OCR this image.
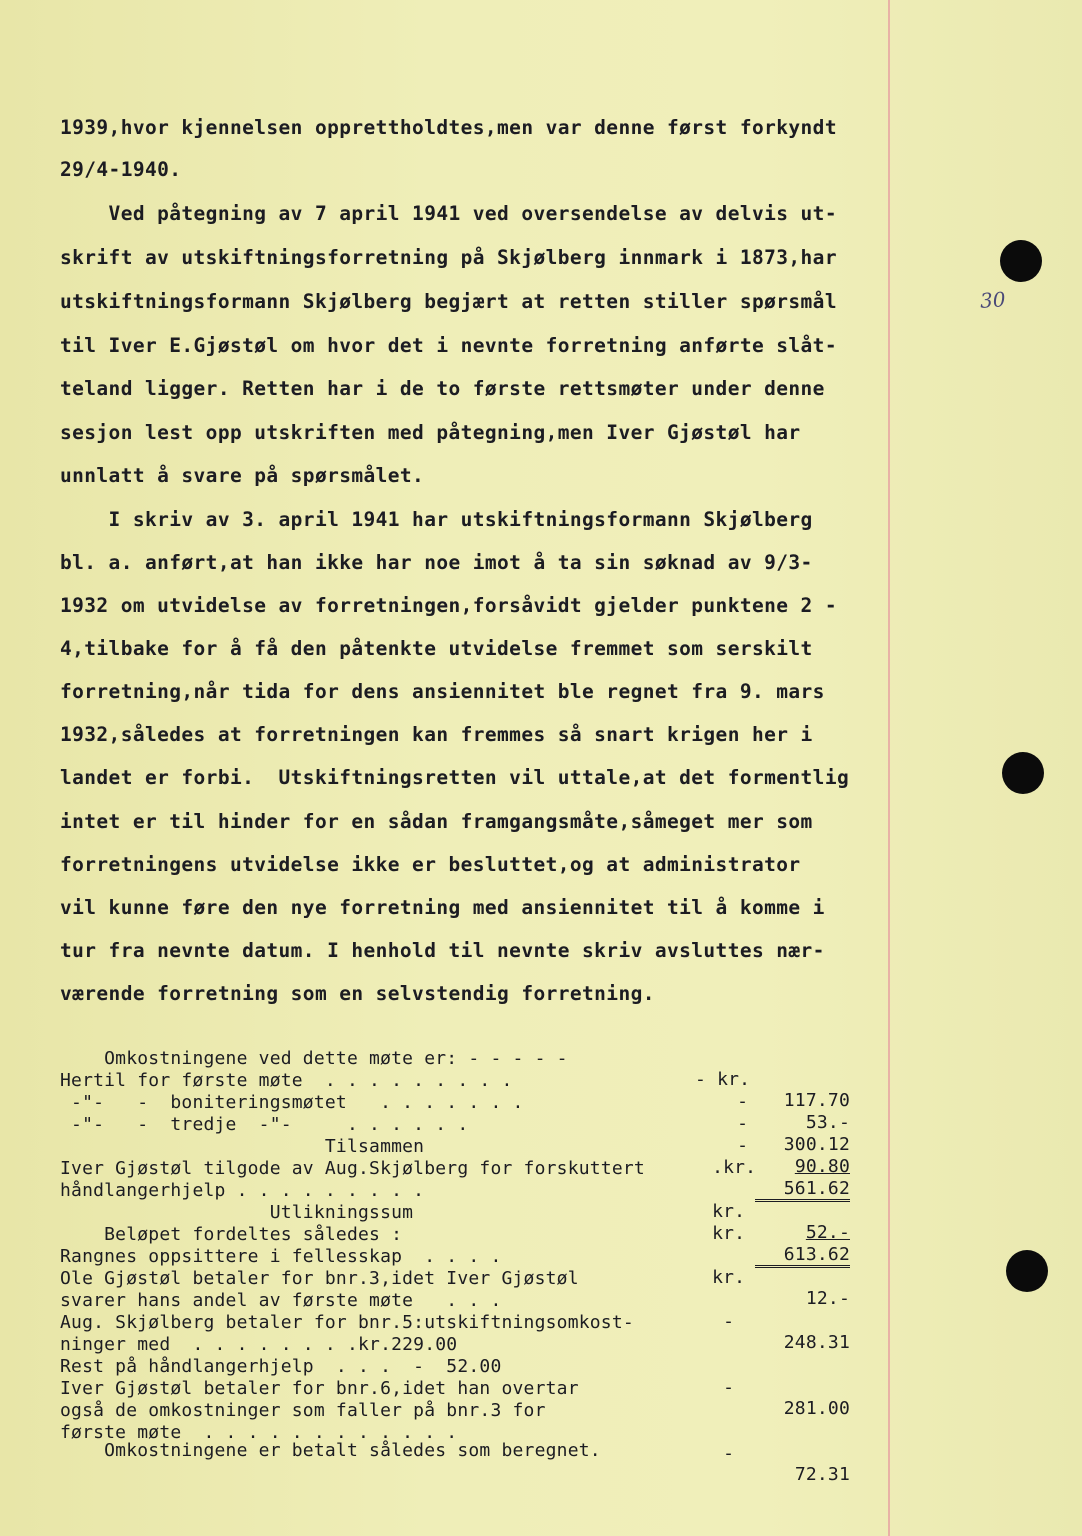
30
1939,hvor kjennelsen opprettholdtes,men var denne først forkyndt
29/4-1940.
Ved påtegning av 7 april 1941 ved oversendelse av delvis ut-
skrift av utskiftningsforretning på Skjølberg innmark i 1873,har
utskiftningsformann Skjølberg begjært at retten stiller spørsmål
til Iver E.Gjøstøl om hvor det i nevnte forretning anførte slåt-
teland ligger. Retten har i de to første rettsmøter under denne
sesjon lest opp utskriften med påtegning,men Iver Gjøstøl har
unnlatt å svare på spørsmålet.
I skriv av 3. april 1941 har utskiftningsformann Skjølberg
bl. a. anført,at han ikke har noe imot å ta sin søknad av 9/3-
1932 om utvidelse av forretningen,forsåvidt gjelder punktene 2 -
4,tilbake for å få den påtenkte utvidelse fremmet som serskilt
forretning,når tida for dens ansiennitet ble regnet fra 9. mars
1932,således at forretningen kan fremmes så snart krigen her i
landet er forbi.  Utskiftningsretten vil uttale,at det formentlig
intet er til hinder for en sådan framgangsmåte,såmeget mer som
forretningens utvidelse ikke er besluttet,og at administrator
vil kunne føre den nye forretning med ansiennitet til å komme i
tur fra nevnte datum. I henhold til nevnte skriv avsluttes nær-
værende forretning som en selvstendig forretning.

Omkostningene ved dette møte er: - - - - -

- kr.

117.70

Hertil for første møte  . . . . . . . . .

-

53.-

-"-   -  boniteringsmøtet   . . . . . . .

-

300.12

-"-   -  tredje  -"-     . . . . . .

-

90.80

Tilsammen

.kr.

561.62

Iver Gjøstøl tilgode av Aug.Skjølberg for forskuttert

håndlangerhjelp . . . . . . . . .

kr.

52.-

Utlikningssum

kr.

613.62

Beløpet fordeltes således :

Rangnes oppsittere i fellesskap  . . . .

kr.

12.-

Ole Gjøstøl betaler for bnr.3,idet Iver Gjøstøl

svarer hans andel av første møte   . . .

-

248.31

Aug. Skjølberg betaler for bnr.5:utskiftningsomkost-

ninger med  . . . . . . . .kr.229.00

Rest på håndlangerhjelp  . . .  -  52.00

-

281.00

Iver Gjøstøl betaler for bnr.6,idet han overtar

også de omkostninger som faller på bnr.3 for

første møte  . . . . . . . . . . . .

-

72.31

Omkostningene er betalt således som beregnet.
